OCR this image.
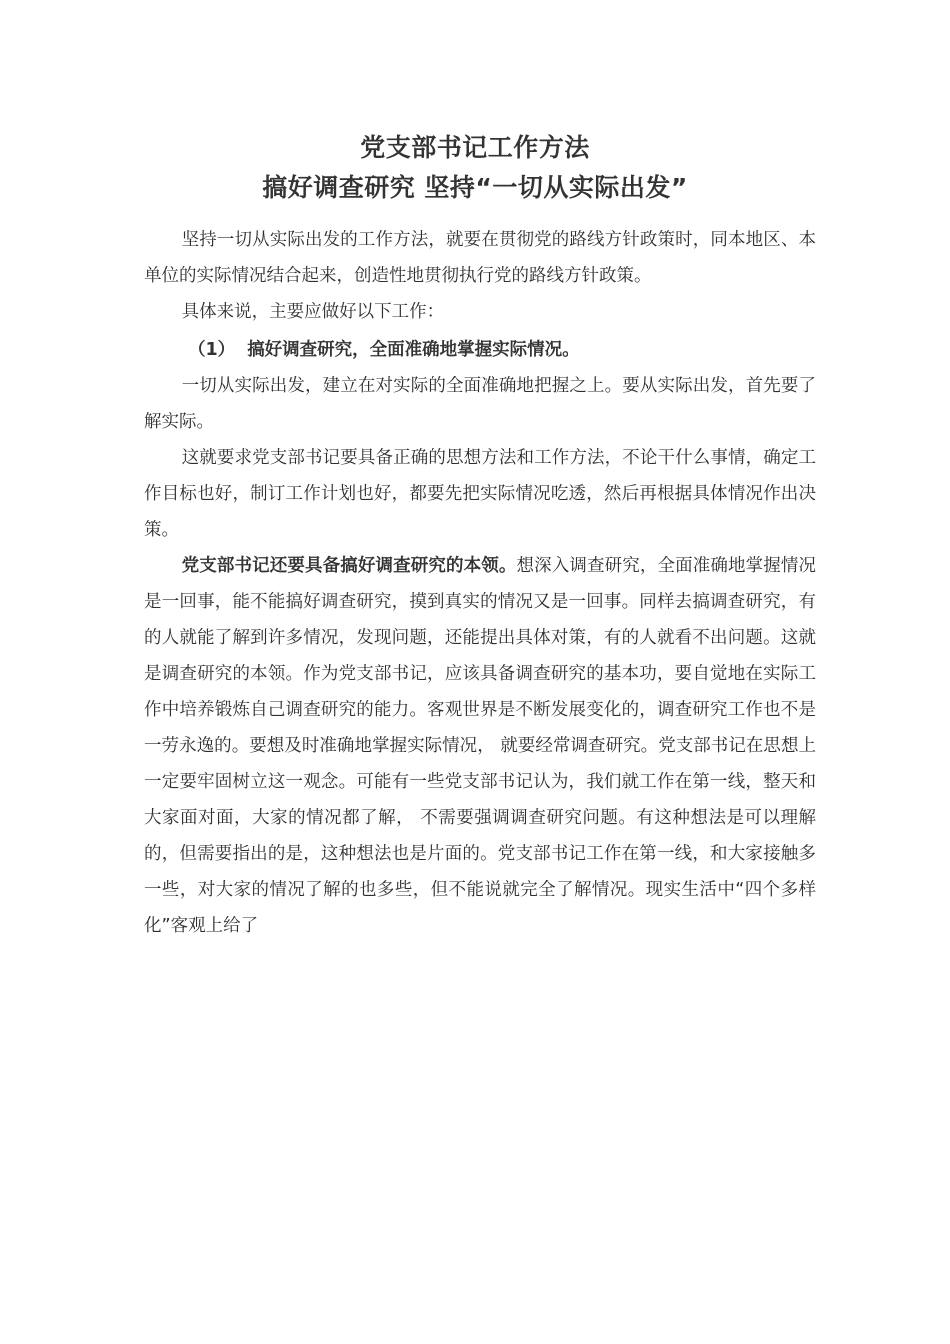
党支部书记工作方法
搞好调查研究 坚持“一切从实际出发”

坚持一切从实际出发的工作方法，就要在贯彻党的路线方针政策时，同本地区、本单位的实际情况结合起来，创造性地贯彻执行党的路线方针政策。

具体来说，主要应做好以下工作：

（1） 搞好调查研究，全面准确地掌握实际情况。

一切从实际出发，建立在对实际的全面准确地把握之上。要从实际出发，首先要了解实际。

这就要求党支部书记要具备正确的思想方法和工作方法，不论干什么事情，确定工作目标也好，制订工作计划也好，都要先把实际情况吃透，然后再根据具体情况作出决策。

党支部书记还要具备搞好调查研究的本领。想深入调查研究，全面准确地掌握情况是一回事，能不能搞好调查研究，摸到真实的情况又是一回事。同样去搞调查研究，有的人就能了解到许多情况，发现问题，还能提出具体对策，有的人就看不出问题。这就是调查研究的本领。作为党支部书记，应该具备调查研究的基本功，要自觉地在实际工作中培养锻炼自己调查研究的能力。客观世界是不断发展变化的，调查研究工作也不是一劳永逸的。要想及时准确地掌握实际情况， 就要经常调查研究。党支部书记在思想上一定要牢固树立这一观念。可能有一些党支部书记认为，我们就工作在第一线，整天和大家面对面，大家的情况都了解， 不需要强调调查研究问题。有这种想法是可以理解的，但需要指出的是，这种想法也是片面的。党支部书记工作在第一线，和大家接触多一些，对大家的情况了解的也多些，但不能说就完全了解情况。现实生活中“四个多样化”客观上给了
